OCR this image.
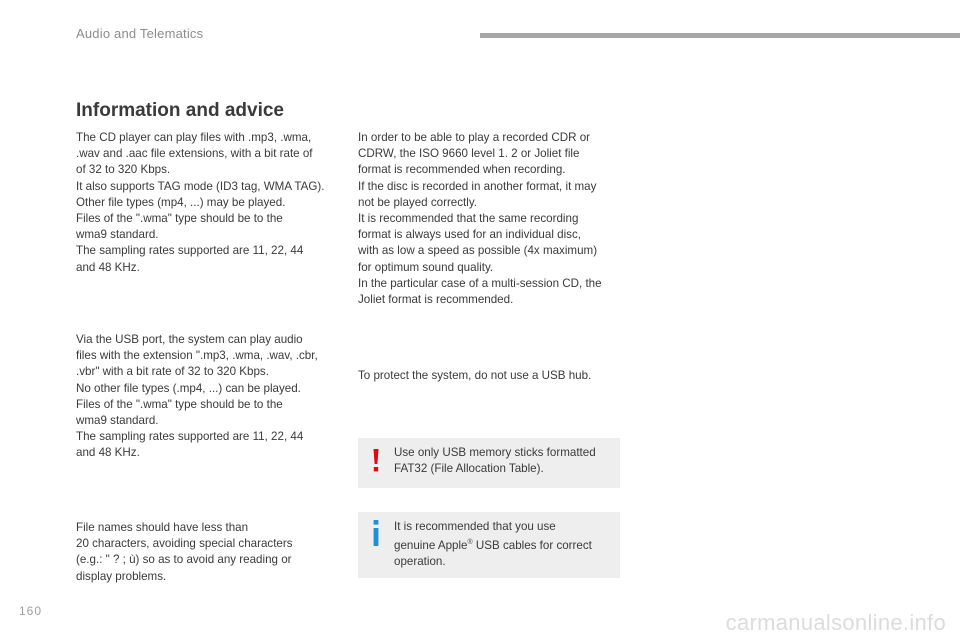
Audio and Telematics
Information and advice

The CD player can play files with .mp3, .wma,

.wav and .aac file extensions, with a bit rate of

of 32 to 320 Kbps.

It also supports TAG mode (ID3 tag, WMA TAG).

Other file types (mp4, ...) may be played.

Files of the ".wma" type should be to the

wma9 standard.

The sampling rates supported are 11, 22, 44

and 48 KHz.

Via the USB port, the system can play audio

files with the extension ".mp3, .wma, .wav, .cbr,

.vbr" with a bit rate of 32 to 320 Kbps.

No other file types (.mp4, ...) can be played.

Files of the ".wma" type should be to the

wma9 standard.

The sampling rates supported are 11, 22, 44

and 48 KHz.

File names should have less than

20 characters, avoiding special characters

(e.g.: " ? ; ù) so as to avoid any reading or

display problems.

In order to be able to play a recorded CDR or

CDRW, the ISO 9660 level 1. 2 or Joliet file

format is recommended when recording.

If the disc is recorded in another format, it may

not be played correctly.

It is recommended that the same recording

format is always used for an individual disc,

with as low a speed as possible (4x maximum)

for optimum sound quality.

In the particular case of a multi-session CD, the

Joliet format is recommended.

To protect the system, do not use a USB hub.

Use only USB memory sticks formatted

FAT32 (File Allocation Table).

It is recommended that you use

genuine Apple® USB cables for correct

operation.

160	carmanualsonline.info
